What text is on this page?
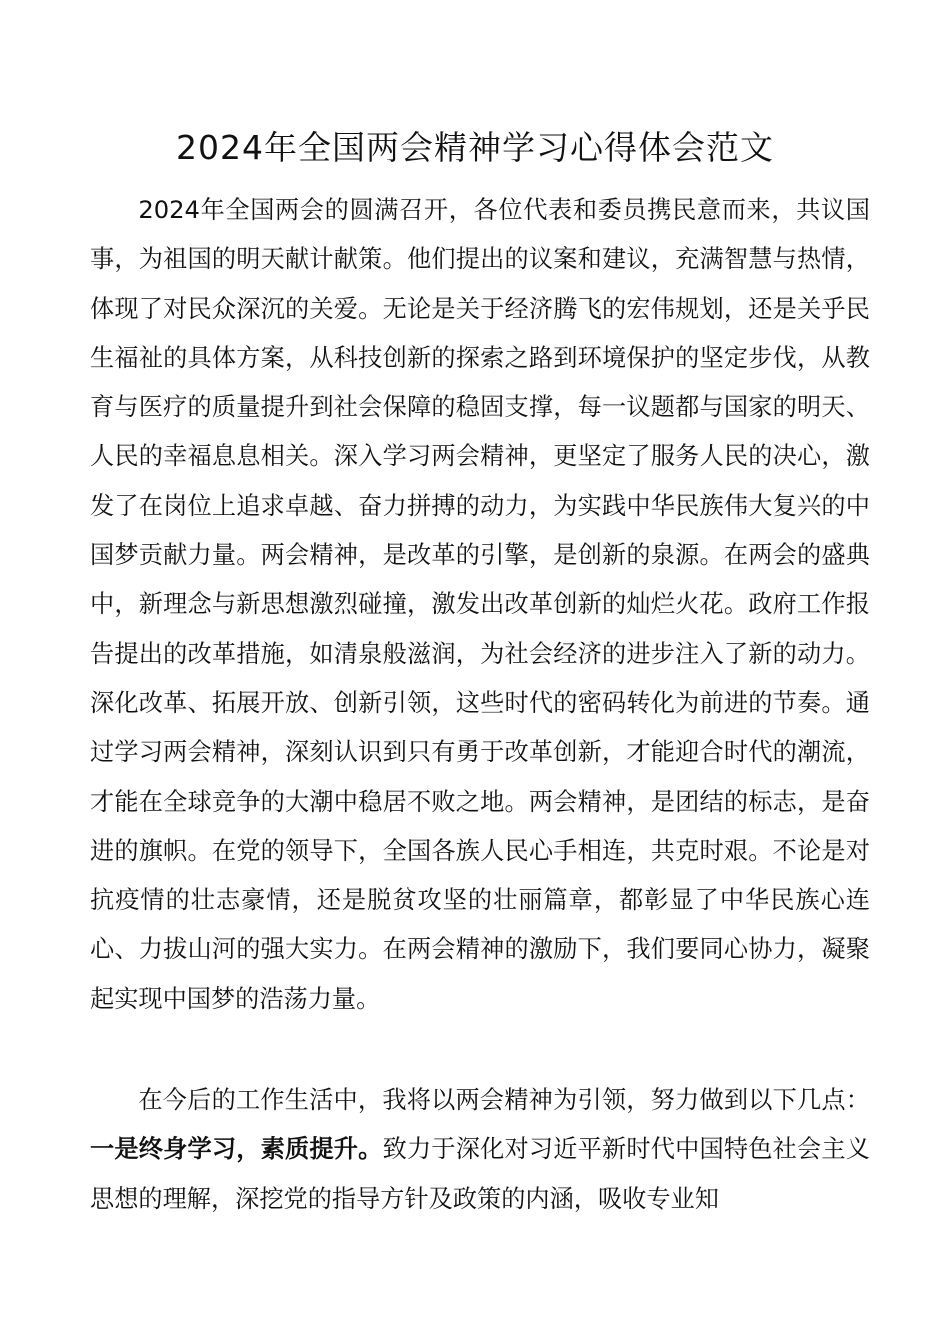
2024年全国两会精神学习心得体会范文

2024年全国两会的圆满召开，各位代表和委员携民意而来，共议国事，为祖国的明天献计献策。他们提出的议案和建议，充满智慧与热情，体现了对民众深沉的关爱。无论是关于经济腾飞的宏伟规划，还是关乎民生福祉的具体方案，从科技创新的探索之路到环境保护的坚定步伐，从教育与医疗的质量提升到社会保障的稳固支撑，每一议题都与国家的明天、人民的幸福息息相关。深入学习两会精神，更坚定了服务人民的决心，激发了在岗位上追求卓越、奋力拼搏的动力，为实践中华民族伟大复兴的中国梦贡献力量。两会精神，是改革的引擎，是创新的泉源。在两会的盛典中，新理念与新思想激烈碰撞，激发出改革创新的灿烂火花。政府工作报告提出的改革措施，如清泉般滋润，为社会经济的进步注入了新的动力。深化改革、拓展开放、创新引领，这些时代的密码转化为前进的节奏。通过学习两会精神，深刻认识到只有勇于改革创新，才能迎合时代的潮流，才能在全球竞争的大潮中稳居不败之地。两会精神，是团结的标志，是奋进的旗帜。在党的领导下，全国各族人民心手相连，共克时艰。不论是对抗疫情的壮志豪情，还是脱贫攻坚的壮丽篇章，都彰显了中华民族心连心、力拔山河的强大实力。在两会精神的激励下，我们要同心协力，凝聚起实现中国梦的浩荡力量。

在今后的工作生活中，我将以两会精神为引领，努力做到以下几点：一是终身学习，素质提升。致力于深化对习近平新时代中国特色社会主义思想的理解，深挖党的指导方针及政策的内涵，吸收专业知
